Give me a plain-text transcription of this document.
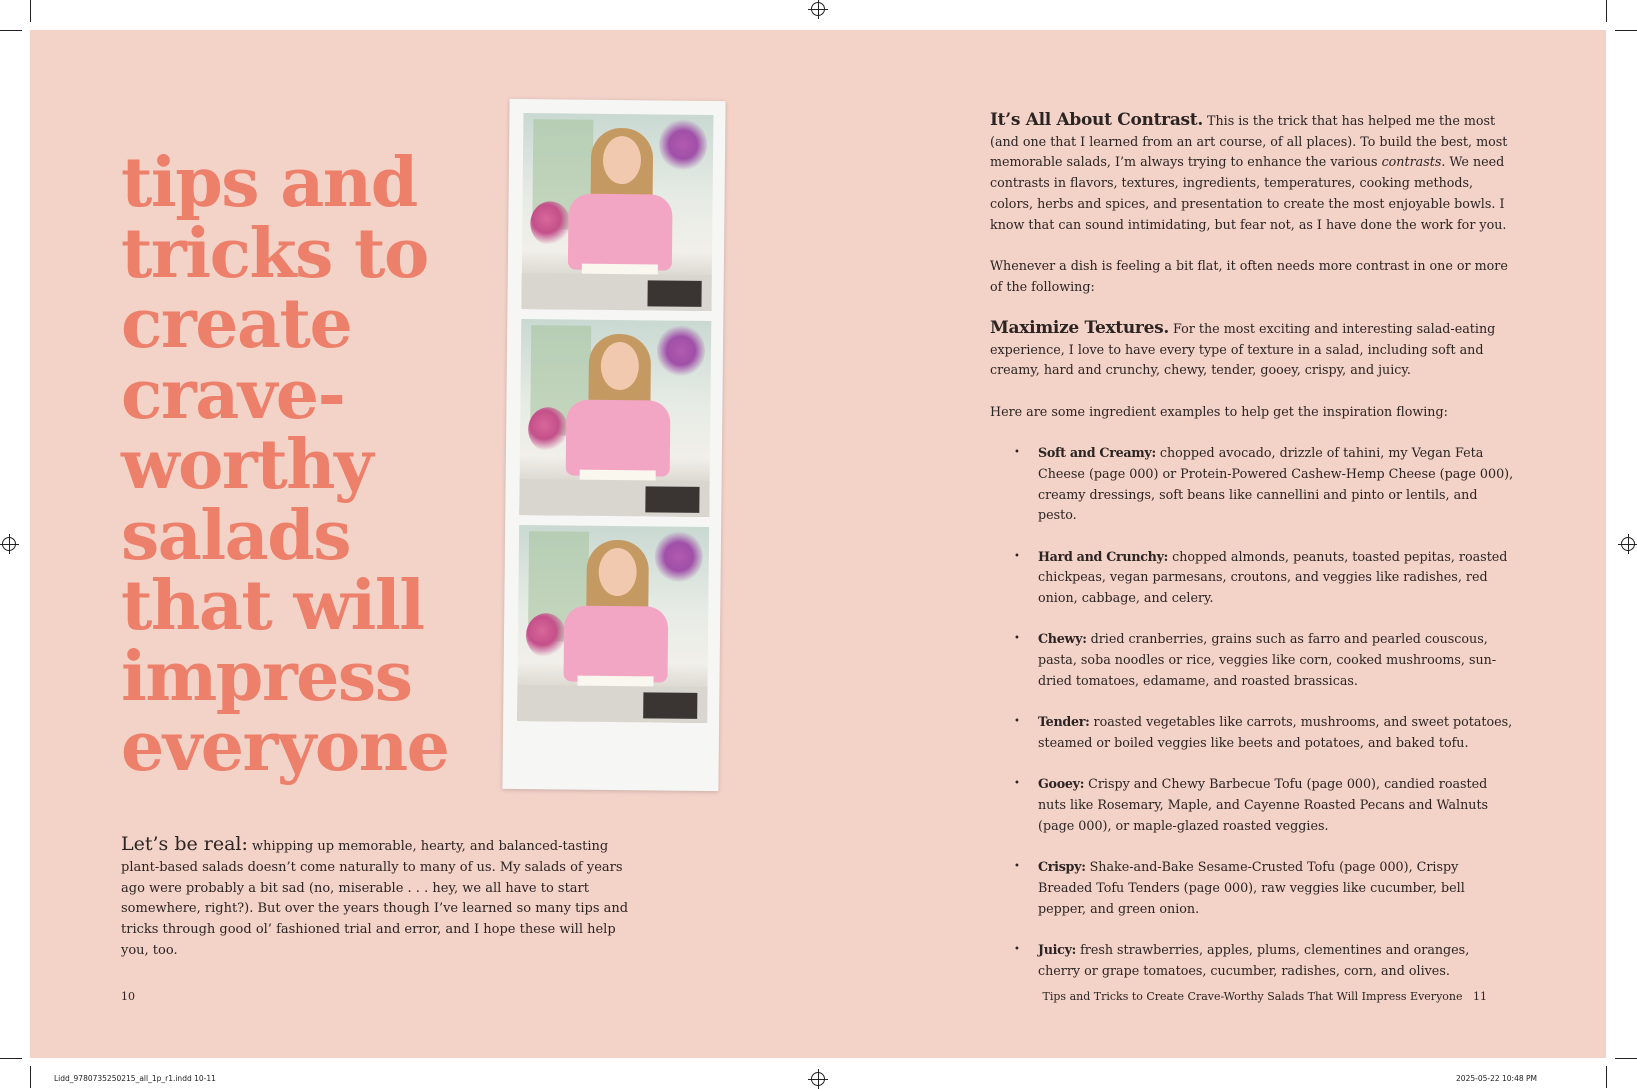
tips and
tricks to
create
crave-
worthy
salads
that will
impress
everyone
Let’s be real: whipping up memorable, hearty, and balanced-tasting plant-based salads doesn’t come naturally to many of us. My salads of years ago were probably a bit sad (no, miserable . . . hey, we all have to start somewhere, right?). But over the years though I’ve learned so many tips and tricks through good ol’ fashioned trial and error, and I hope these will help you, too.
10

It’s All About Contrast. This is the trick that has helped me the most (and one that I learned from an art course, of all places). To build the best, most memorable salads, I’m always trying to enhance the various contrasts. We need contrasts in flavors, textures, ingredients, temperatures, cooking methods, colors, herbs and spices, and presentation to create the most enjoyable bowls. I know that can sound intimidating, but fear not, as I have done the work for you.

Whenever a dish is feeling a bit flat, it often needs more contrast in one or more of the following:

Maximize Textures. For the most exciting and interesting salad-eating experience, I love to have every type of texture in a salad, including soft and creamy, hard and crunchy, chewy, tender, gooey, crispy, and juicy.

Here are some ingredient examples to help get the inspiration flowing:

• Soft and Creamy: chopped avocado, drizzle of tahini, my Vegan Feta Cheese (page 000) or Protein-Powered Cashew-Hemp Cheese (page 000), creamy dressings, soft beans like cannellini and pinto or lentils, and pesto.
• Hard and Crunchy: chopped almonds, peanuts, toasted pepitas, roasted chickpeas, vegan parmesans, croutons, and veggies like radishes, red onion, cabbage, and celery.
• Chewy: dried cranberries, grains such as farro and pearled couscous, pasta, soba noodles or rice, veggies like corn, cooked mushrooms, sun-dried tomatoes, edamame, and roasted brassicas.
• Tender: roasted vegetables like carrots, mushrooms, and sweet potatoes, steamed or boiled veggies like beets and potatoes, and baked tofu.
• Gooey: Crispy and Chewy Barbecue Tofu (page 000), candied roasted nuts like Rosemary, Maple, and Cayenne Roasted Pecans and Walnuts (page 000), or maple-glazed roasted veggies.
• Crispy: Shake-and-Bake Sesame-Crusted Tofu (page 000), Crispy Breaded Tofu Tenders (page 000), raw veggies like cucumber, bell pepper, and green onion.
• Juicy: fresh strawberries, apples, plums, clementines and oranges, cherry or grape tomatoes, cucumber, radishes, corn, and olives.
Tips and Tricks to Create Crave-Worthy Salads That Will Impress Everyone 11
Lidd_9780735250215_all_1p_r1.indd 10-11	2025-05-22 10:48 PM
